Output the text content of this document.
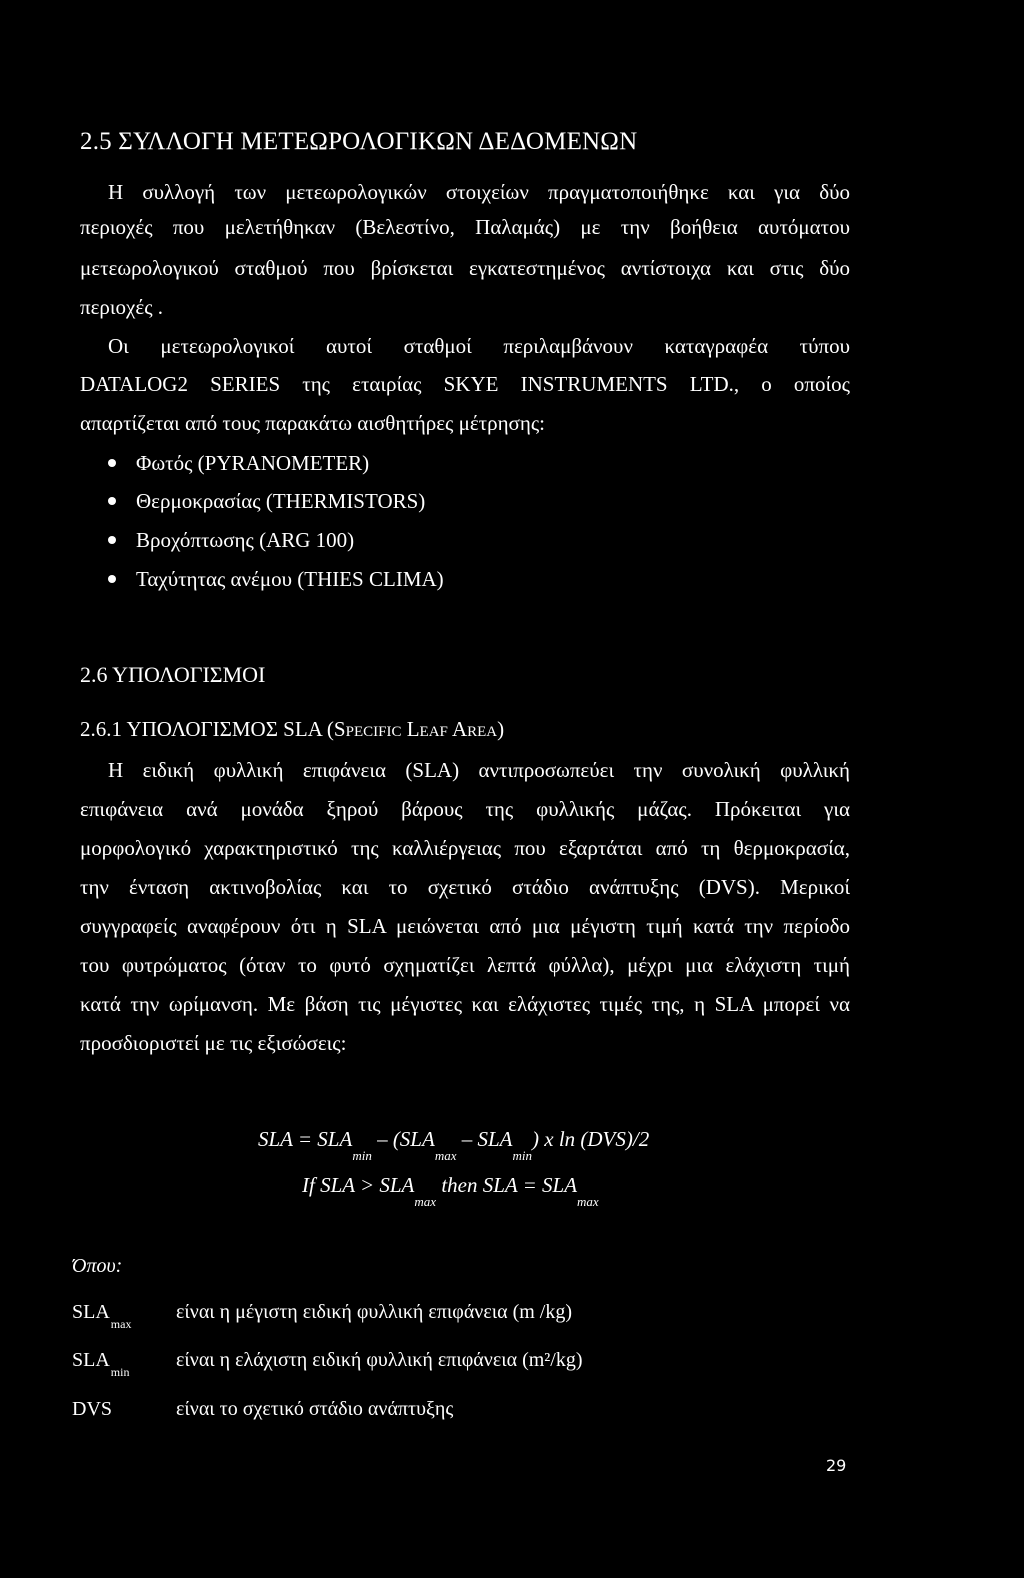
2.5 ΣΥΛΛΟΓΗ ΜΕΤΕΩΡΟΛΟΓΙΚΩΝ ΔΕΔΟΜΕΝΩΝ
Η συλλογή των μετεωρολογικών στοιχείων πραγματοποιήθηκε και για δύο
περιοχές που μελετήθηκαν (Βελεστίνο, Παλαμάς) με την βοήθεια αυτόματου
μετεωρολογικού σταθμού που βρίσκεται εγκατεστημένος αντίστοιχα και στις δύο
περιοχές .
Οι μετεωρολογικοί αυτοί σταθμοί περιλαμβάνουν καταγραφέα τύπου
DATALOG2 SERIES της εταιρίας SKYE INSTRUMENTS LTD., ο οποίος
απαρτίζεται από τους παρακάτω αισθητήρες μέτρησης:
Φωτός (PYRANOMETER)
Θερμοκρασίας (THERMISTORS)
Βροχόπτωσης (ARG 100)
Ταχύτητας ανέμου (THIES CLIMA)
2.6 ΥΠΟΛΟΓΙΣΜΟΙ
2.6.1 ΥΠΟΛΟΓΙΣΜΟΣ SLA (Specific Leaf Area)
Η ειδική φυλλική επιφάνεια (SLA) αντιπροσωπεύει την συνολική φυλλική
επιφάνεια ανά μονάδα ξηρού βάρους της φυλλικής μάζας. Πρόκειται για
μορφολογικό χαρακτηριστικό της καλλιέργειας που εξαρτάται από τη θερμοκρασία,
την ένταση ακτινοβολίας και το σχετικό στάδιο ανάπτυξης (DVS). Μερικοί
συγγραφείς αναφέρουν ότι η SLA μειώνεται από μια μέγιστη τιμή κατά την περίοδο
του φυτρώματος (όταν το φυτό σχηματίζει λεπτά φύλλα), μέχρι μια ελάχιστη τιμή
κατά την ωρίμανση. Με βάση τις μέγιστες και ελάχιστες τιμές της, η SLA μπορεί να
προσδιοριστεί με τις εξισώσεις:
SLA = $SLA_{min} - (SLA_{max} - SLA_{min})$ x ln (DVS)/2
If SLA > $SLA_{max}$ then SLA = $SLA_{max}$
Όπου:
$SLA_{max}$
είναι η μέγιστη ειδική φυλλική επιφάνεια (m /kg)
$SLA_{min}$
είναι η ελάχιστη ειδική φυλλική επιφάνεια (m²/kg)
DVS	είναι το σχετικό στάδιο ανάπτυξης
29
